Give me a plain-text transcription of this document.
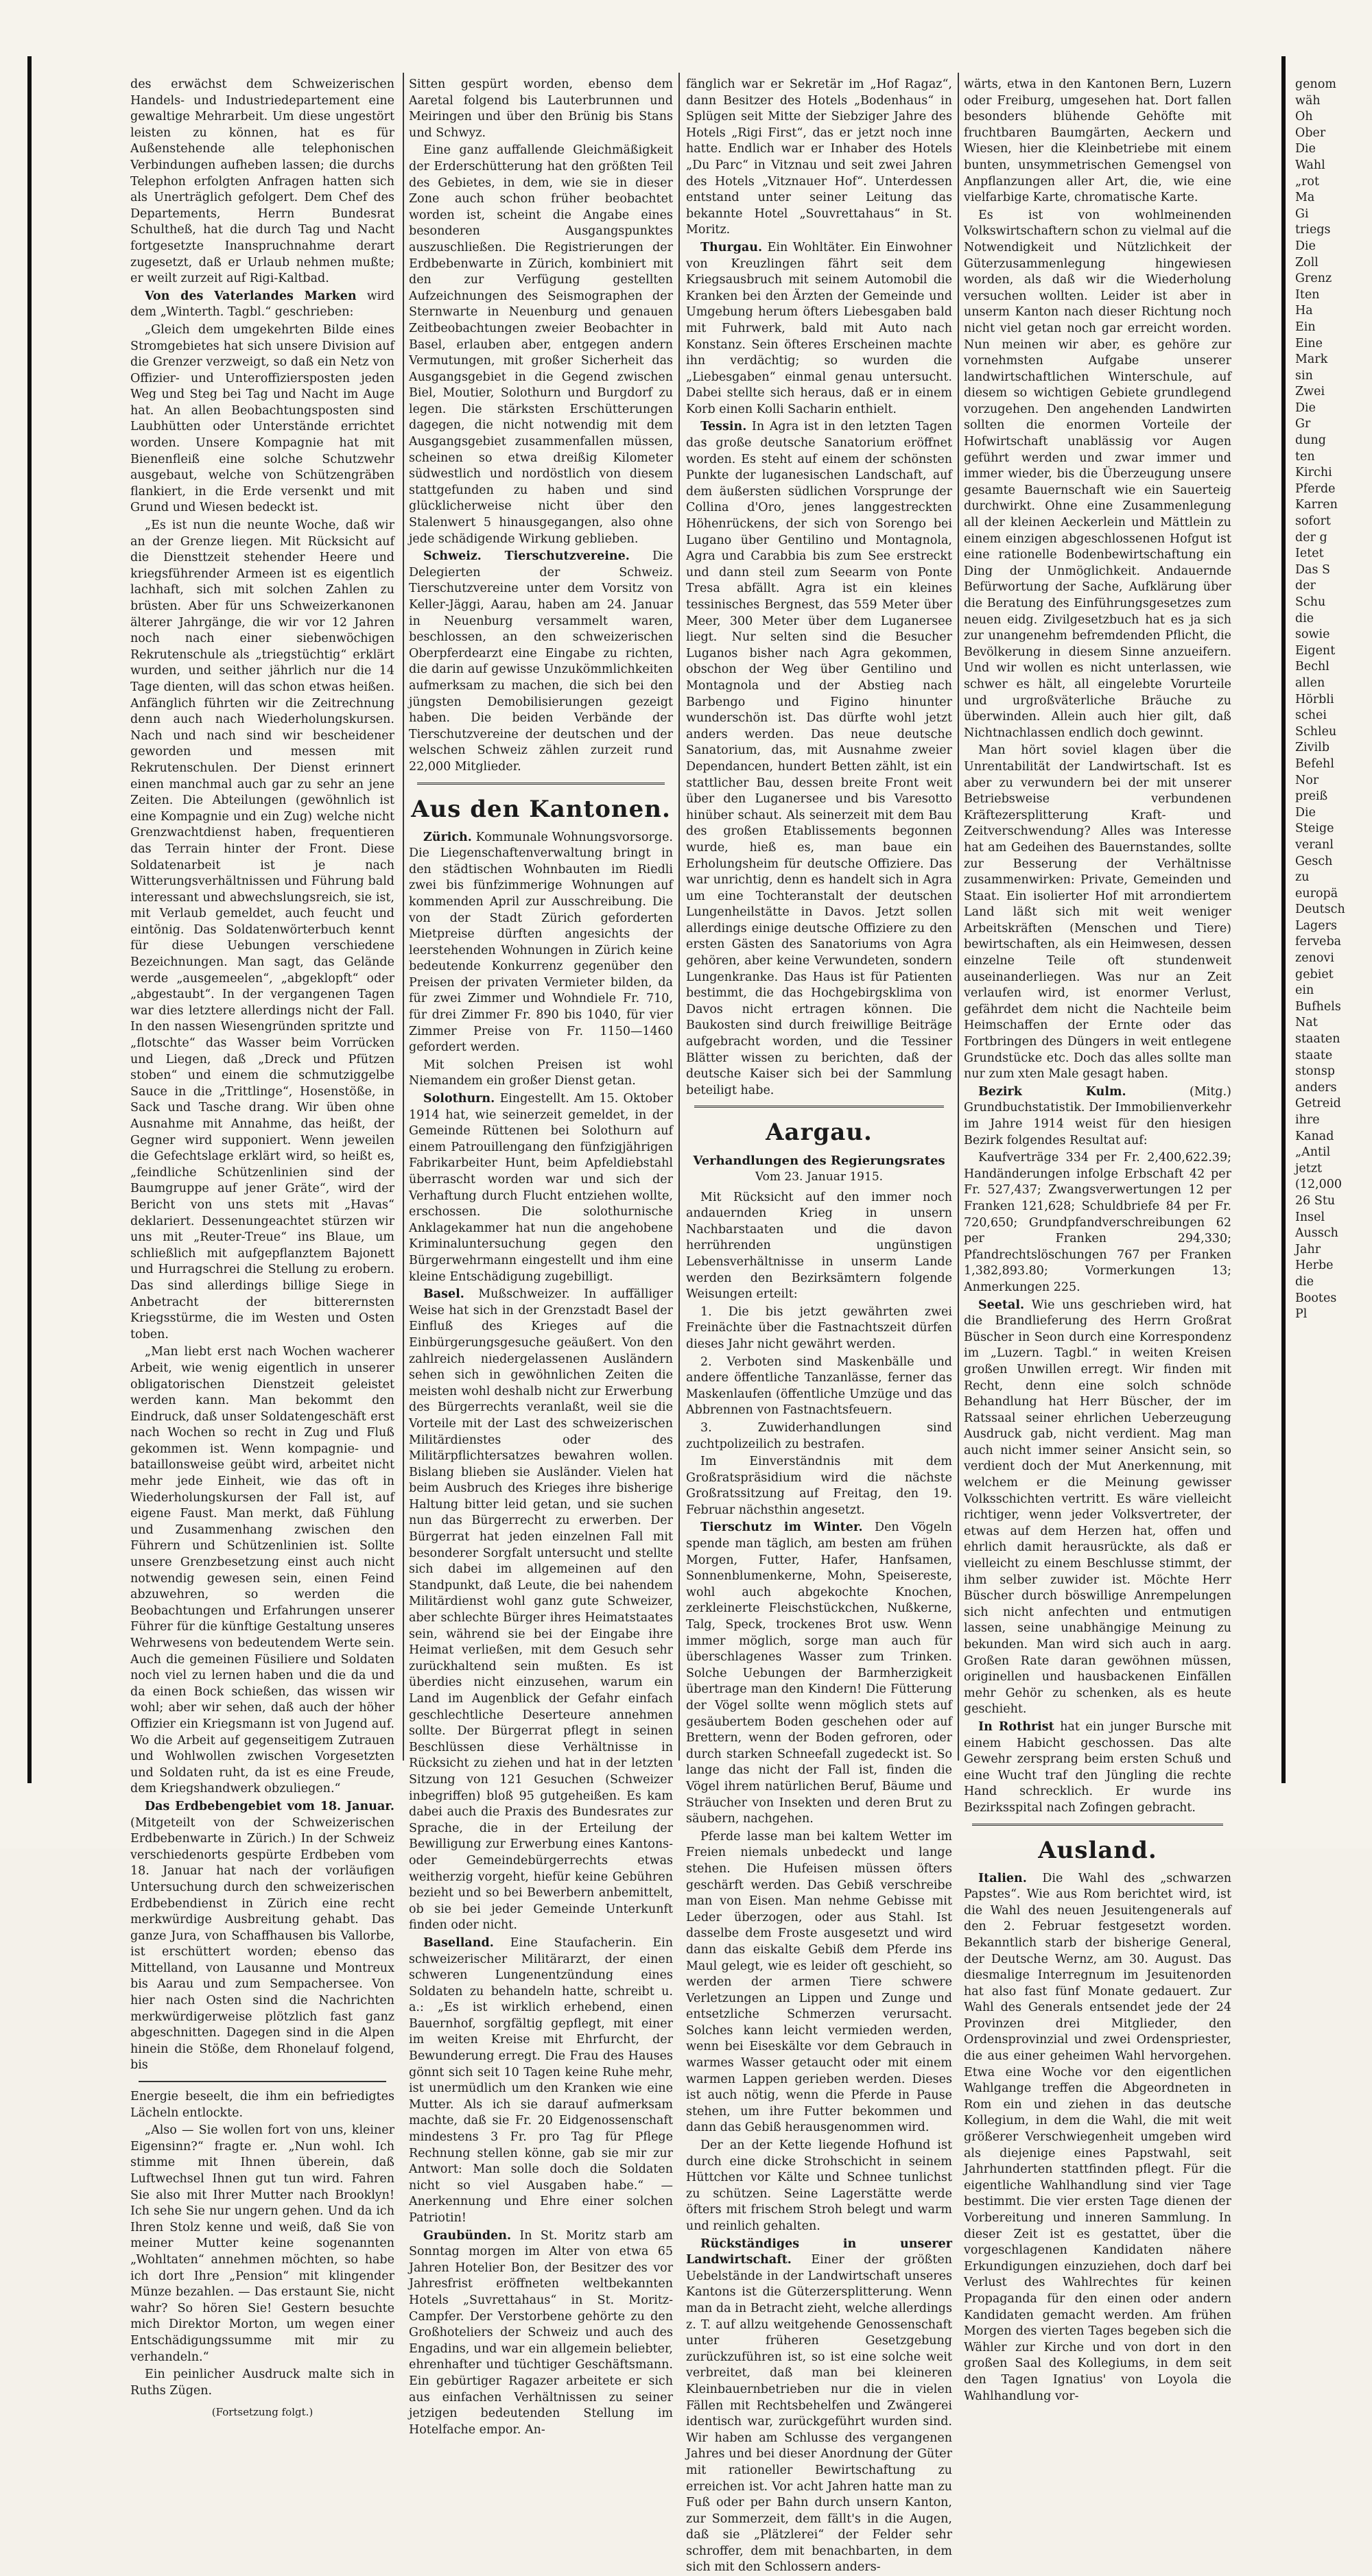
des erwächst dem Schweizerischen Handels- und Industriedepartement eine gewaltige Mehrarbeit. Um diese ungestört leisten zu können, hat es für Außenstehende alle telephonischen Verbindungen aufheben lassen; die durchs Telephon erfolgten Anfragen hatten sich als Unerträglich gefolgert. Dem Chef des Departements, Herrn Bundesrat Schultheß, hat die durch Tag und Nacht fortgesetzte Inanspruchnahme derart zugesetzt, daß er Urlaub nehmen mußte; er weilt zurzeit auf Rigi-Kaltbad.

Von des Vaterlandes Marken wird dem „Winterth. Tagbl.“ geschrieben:

„Gleich dem umgekehrten Bilde eines Stromgebietes hat sich unsere Division auf die Grenzer verzweigt, so daß ein Netz von Offizier- und Unteroffiziersposten jeden Weg und Steg bei Tag und Nacht im Auge hat. An allen Beobachtungsposten sind Laubhütten oder Unterstände errichtet worden. Unsere Kompagnie hat mit Bienenfleiß eine solche Schutzwehr ausgebaut, welche von Schützengräben flankiert, in die Erde versenkt und mit Grund und Wiesen bedeckt ist.

„Es ist nun die neunte Woche, daß wir an der Grenze liegen. Mit Rücksicht auf die Diensttzeit stehender Heere und kriegsführender Armeen ist es eigentlich lachhaft, sich mit solchen Zahlen zu brüsten. Aber für uns Schweizerkanonen älterer Jahrgänge, die wir vor 12 Jahren noch nach einer siebenwöchigen Rekrutenschule als „triegstüchtig“ erklärt wurden, und seither jährlich nur die 14 Tage dienten, will das schon etwas heißen. Anfänglich führten wir die Zeitrechnung denn auch nach Wiederholungskursen. Nach und nach sind wir bescheidener geworden und messen mit Rekrutenschulen. Der Dienst erinnert einen manchmal auch gar zu sehr an jene Zeiten. Die Abteilungen (gewöhnlich ist eine Kompagnie und ein Zug) welche nicht Grenzwachtdienst haben, frequentieren das Terrain hinter der Front. Diese Soldatenarbeit ist je nach Witterungsverhältnissen und Führung bald interessant und abwechslungsreich, sie ist, mit Verlaub gemeldet, auch feucht und eintönig. Das Soldatenwörterbuch kennt für diese Uebungen verschiedene Bezeichnungen. Man sagt, das Gelände werde „ausgemeelen“, „abgeklopft“ oder „abgestaubt“. In der vergangenen Tagen war dies letztere allerdings nicht der Fall. In den nassen Wiesengründen spritzte und „flotschte“ das Wasser beim Vorrücken und Liegen, daß „Dreck und Pfützen stoben“ und einem die schmutziggelbe Sauce in die „Trittlinge“, Hosenstöße, in Sack und Tasche drang. Wir üben ohne Ausnahme mit Annahme, das heißt, der Gegner wird supponiert. Wenn jeweilen die Gefechtslage erklärt wird, so heißt es, „feindliche Schützenlinien sind der Baumgruppe auf jener Gräte“, wird der Bericht von uns stets mit „Havas“ deklariert. Dessenungeachtet stürzen wir uns mit „Reuter-Treue“ ins Blaue, um schließlich mit aufgepflanztem Bajonett und Hurragschrei die Stellung zu erobern. Das sind allerdings billige Siege in Anbetracht der bitterernsten Kriegsstürme, die im Westen und Osten toben.

„Man liebt erst nach Wochen wacherer Arbeit, wie wenig eigentlich in unserer obligatorischen Dienstzeit geleistet werden kann. Man bekommt den Eindruck, daß unser Soldatengeschäft erst nach Wochen so recht in Zug und Fluß gekommen ist. Wenn kompagnie- und bataillonsweise geübt wird, arbeitet nicht mehr jede Einheit, wie das oft in Wiederholungskursen der Fall ist, auf eigene Faust. Man merkt, daß Fühlung und Zusammenhang zwischen den Führern und Schützenlinien ist. Sollte unsere Grenzbesetzung einst auch nicht notwendig gewesen sein, einen Feind abzuwehren, so werden die Beobachtungen und Erfahrungen unserer Führer für die künftige Gestaltung unseres Wehrwesens von bedeutendem Werte sein. Auch die gemeinen Füsiliere und Soldaten noch viel zu lernen haben und die da und da einen Bock schießen, das wissen wir wohl; aber wir sehen, daß auch der höher Offizier ein Kriegsmann ist von Jugend auf. Wo die Arbeit auf gegenseitigem Zutrauen und Wohlwollen zwischen Vorgesetzten und Soldaten ruht, da ist es eine Freude, dem Kriegshandwerk obzuliegen.“

Das Erdbebengebiet vom 18. Januar. (Mitgeteilt von der Schweizerischen Erdbebenwarte in Zürich.) In der Schweiz verschiedenorts gespürte Erdbeben vom 18. Januar hat nach der vorläufigen Untersuchung durch den schweizerischen Erdbebendienst in Zürich eine recht merkwürdige Ausbreitung gehabt. Das ganze Jura, von Schaffhausen bis Vallorbe, ist erschüttert worden; ebenso das Mittelland, von Lausanne und Montreux bis Aarau und zum Sempachersee. Von hier nach Osten sind die Nachrichten merkwürdigerweise plötzlich fast ganz abgeschnitten. Dagegen sind in die Alpen hinein die Stöße, dem Rhonelauf folgend, bis

Energie beseelt, die ihm ein befriedigtes Lächeln entlockte.

„Also — Sie wollen fort von uns, kleiner Eigensinn?“ fragte er. „Nun wohl. Ich stimme mit Ihnen überein, daß Luftwechsel Ihnen gut tun wird. Fahren Sie also mit Ihrer Mutter nach Brooklyn! Ich sehe Sie nur ungern gehen. Und da ich Ihren Stolz kenne und weiß, daß Sie von meiner Mutter keine sogenannten „Wohltaten“ annehmen möchten, so habe ich dort Ihre „Pension“ mit klingender Münze bezahlen. — Das erstaunt Sie, nicht wahr? So hören Sie! Gestern besuchte mich Direktor Morton, um wegen einer Entschädigungssumme mit mir zu verhandeln.“

Ein peinlicher Ausdruck malte sich in Ruths Zügen.

(Fortsetzung folgt.)

Sitten gespürt worden, ebenso dem Aaretal folgend bis Lauterbrunnen und Meiringen und über den Brünig bis Stans und Schwyz.

Eine ganz auffallende Gleichmäßigkeit der Erderschütterung hat den größten Teil des Gebietes, in dem, wie sie in dieser Zone auch schon früher beobachtet worden ist, scheint die Angabe eines besonderen Ausgangspunktes auszuschließen. Die Registrierungen der Erdbebenwarte in Zürich, kombiniert mit den zur Verfügung gestellten Aufzeichnungen des Seismographen der Sternwarte in Neuenburg und genauen Zeitbeobachtungen zweier Beobachter in Basel, erlauben aber, entgegen andern Vermutungen, mit großer Sicherheit das Ausgangsgebiet in die Gegend zwischen Biel, Moutier, Solothurn und Burgdorf zu legen. Die stärksten Erschütterungen dagegen, die nicht notwendig mit dem Ausgangsgebiet zusammenfallen müssen, scheinen so etwa dreißig Kilometer südwestlich und nordöstlich von diesem stattgefunden zu haben und sind glücklicherweise nicht über den Stalenwert 5 hinausgegangen, also ohne jede schädigende Wirkung geblieben.

Schweiz. Tierschutzvereine. Die Delegierten der Schweiz. Tierschutzvereine unter dem Vorsitz von Keller-Jäggi, Aarau, haben am 24. Januar in Neuenburg versammelt waren, beschlossen, an den schweizerischen Oberpferdearzt eine Eingabe zu richten, die darin auf gewisse Unzukömmlichkeiten aufmerksam zu machen, die sich bei den jüngsten Demobilisierungen gezeigt haben. Die beiden Verbände der Tierschutzvereine der deutschen und der welschen Schweiz zählen zurzeit rund 22,000 Mitglieder.

Aus den Kantonen.

Zürich. Kommunale Wohnungsvorsorge. Die Liegenschaftenverwaltung bringt in den städtischen Wohnbauten im Riedli zwei bis fünfzimmerige Wohnungen auf kommenden April zur Ausschreibung. Die von der Stadt Zürich geforderten Mietpreise dürften angesichts der leerstehenden Wohnungen in Zürich keine bedeutende Konkurrenz gegenüber den Preisen der privaten Vermieter bilden, da für zwei Zimmer und Wohndiele Fr. 710, für drei Zimmer Fr. 890 bis 1040, für vier Zimmer Preise von Fr. 1150—1460 gefordert werden.

Mit solchen Preisen ist wohl Niemandem ein großer Dienst getan.

Solothurn. Eingestellt. Am 15. Oktober 1914 hat, wie seinerzeit gemeldet, in der Gemeinde Rüttenen bei Solothurn auf einem Patrouillengang den fünfzigjährigen Fabrikarbeiter Hunt, beim Apfeldiebstahl überrascht worden war und sich der Verhaftung durch Flucht entziehen wollte, erschossen. Die solothurnische Anklagekammer hat nun die angehobene Kriminaluntersuchung gegen den Bürgerwehrmann eingestellt und ihm eine kleine Entschädigung zugebilligt.

Basel. Mußschweizer. In auffälliger Weise hat sich in der Grenzstadt Basel der Einfluß des Krieges auf die Einbürgerungsgesuche geäußert. Von den zahlreich niedergelassenen Ausländern sehen sich in gewöhnlichen Zeiten die meisten wohl deshalb nicht zur Erwerbung des Bürgerrechts veranlaßt, weil sie die Vorteile mit der Last des schweizerischen Militärdienstes oder des Militärpflichtersatzes bewahren wollen. Bislang blieben sie Ausländer. Vielen hat beim Ausbruch des Krieges ihre bisherige Haltung bitter leid getan, und sie suchen nun das Bürgerrecht zu erwerben. Der Bürgerrat hat jeden einzelnen Fall mit besonderer Sorgfalt untersucht und stellte sich dabei im allgemeinen auf den Standpunkt, daß Leute, die bei nahendem Militärdienst wohl ganz gute Schweizer, aber schlechte Bürger ihres Heimatstaates sein, während sie bei der Eingabe ihre Heimat verließen, mit dem Gesuch sehr zurückhaltend sein mußten. Es ist überdies nicht einzusehen, warum ein Land im Augenblick der Gefahr einfach geschlechtliche Deserteure annehmen sollte. Der Bürgerrat pflegt in seinen Beschlüssen diese Verhältnisse in Rücksicht zu ziehen und hat in der letzten Sitzung von 121 Gesuchen (Schweizer inbegriffen) bloß 95 gutgeheißen. Es kam dabei auch die Praxis des Bundesrates zur Sprache, die in der Erteilung der Bewilligung zur Erwerbung eines Kantons- oder Gemeindebürgerrechts etwas weitherzig vorgeht, hiefür keine Gebühren bezieht und so bei Bewerbern anbemittelt, ob sie bei jeder Gemeinde Unterkunft finden oder nicht.

Baselland. Eine Staufacherin. Ein schweizerischer Militärarzt, der einen schweren Lungenentzündung eines Soldaten zu behandeln hatte, schreibt u. a.: „Es ist wirklich erhebend, einen Bauernhof, sorgfältig gepflegt, mit einer im weiten Kreise mit Ehrfurcht, der Bewunderung erregt. Die Frau des Hauses gönnt sich seit 10 Tagen keine Ruhe mehr, ist unermüdlich um den Kranken wie eine Mutter. Als ich sie darauf aufmerksam machte, daß sie Fr. 20 Eidgenossenschaft mindestens 3 Fr. pro Tag für Pflege Rechnung stellen könne, gab sie mir zur Antwort: Man solle doch die Soldaten nicht so viel Ausgaben habe.“ — Anerkennung und Ehre einer solchen Patriotin!

Graubünden. In St. Moritz starb am Sonntag morgen im Alter von etwa 65 Jahren Hotelier Bon, der Besitzer des vor Jahresfrist eröffneten weltbekannten Hotels „Suvrettahaus“ in St. Moritz-Campfer. Der Verstorbene gehörte zu den Großhoteliers der Schweiz und auch des Engadins, und war ein allgemein beliebter, ehrenhafter und tüchtiger Geschäftsmann. Ein gebürtiger Ragazer arbeitete er sich aus einfachen Verhältnissen zu seiner jetzigen bedeutenden Stellung im Hotelfache empor. An-

fänglich war er Sekretär im „Hof Ragaz“, dann Besitzer des Hotels „Bodenhaus“ in Splügen seit Mitte der Siebziger Jahre des Hotels „Rigi First“, das er jetzt noch inne hatte. Endlich war er Inhaber des Hotels „Du Parc“ in Vitznau und seit zwei Jahren des Hotels „Vitznauer Hof“. Unterdessen entstand unter seiner Leitung das bekannte Hotel „Souvrettahaus“ in St. Moritz.

Thurgau. Ein Wohltäter. Ein Einwohner von Kreuzlingen fährt seit dem Kriegsausbruch mit seinem Automobil die Kranken bei den Ärzten der Gemeinde und Umgebung herum öfters Liebesgaben bald mit Fuhrwerk, bald mit Auto nach Konstanz. Sein öfteres Erscheinen machte ihn verdächtig; so wurden die „Liebesgaben“ einmal genau untersucht. Dabei stellte sich heraus, daß er in einem Korb einen Kolli Sacharin enthielt.

Tessin. In Agra ist in den letzten Tagen das große deutsche Sanatorium eröffnet worden. Es steht auf einem der schönsten Punkte der luganesischen Landschaft, auf dem äußersten südlichen Vorsprunge der Collina d'Oro, jenes langgestreckten Höhenrückens, der sich von Sorengo bei Lugano über Gentilino und Montagnola, Agra und Carabbia bis zum See erstreckt und dann steil zum Seearm von Ponte Tresa abfällt. Agra ist ein kleines tessinisches Bergnest, das 559 Meter über Meer, 300 Meter über dem Luganersee liegt. Nur selten sind die Besucher Luganos bisher nach Agra gekommen, obschon der Weg über Gentilino und Montagnola und der Abstieg nach Barbengo und Figino hinunter wunderschön ist. Das dürfte wohl jetzt anders werden. Das neue deutsche Sanatorium, das, mit Ausnahme zweier Dependancen, hundert Betten zählt, ist ein stattlicher Bau, dessen breite Front weit über den Luganersee und bis Varesotto hinüber schaut. Als seinerzeit mit dem Bau des großen Etablissements begonnen wurde, hieß es, man baue ein Erholungsheim für deutsche Offiziere. Das war unrichtig, denn es handelt sich in Agra um eine Tochteranstalt der deutschen Lungenheilstätte in Davos. Jetzt sollen allerdings einige deutsche Offiziere zu den ersten Gästen des Sanatoriums von Agra gehören, aber keine Verwundeten, sondern Lungenkranke. Das Haus ist für Patienten bestimmt, die das Hochgebirgsklima von Davos nicht ertragen können. Die Baukosten sind durch freiwillige Beiträge aufgebracht worden, und die Tessiner Blätter wissen zu berichten, daß der deutsche Kaiser sich bei der Sammlung beteiligt habe.

Aargau.
Verhandlungen des Regierungsrates
Vom 23. Januar 1915.

Mit Rücksicht auf den immer noch andauernden Krieg in unsern Nachbarstaaten und die davon herrührenden ungünstigen Lebensverhältnisse in unserm Lande werden den Bezirksämtern folgende Weisungen erteilt:

1. Die bis jetzt gewährten zwei Freinächte über die Fastnachtszeit dürfen dieses Jahr nicht gewährt werden.

2. Verboten sind Maskenbälle und andere öffentliche Tanzanlässe, ferner das Maskenlaufen (öffentliche Umzüge und das Abbrennen von Fastnachtsfeuern.

3. Zuwiderhandlungen sind zuchtpolizeilich zu bestrafen.

Im Einverständnis mit dem Großratspräsidium wird die nächste Großratssitzung auf Freitag, den 19. Februar nächsthin angesetzt.

Tierschutz im Winter. Den Vögeln spende man täglich, am besten am frühen Morgen, Futter, Hafer, Hanfsamen, Sonnenblumenkerne, Mohn, Speisereste, wohl auch abgekochte Knochen, zerkleinerte Fleischstückchen, Nußkerne, Talg, Speck, trockenes Brot usw. Wenn immer möglich, sorge man auch für überschlagenes Wasser zum Trinken. Solche Uebungen der Barmherzigkeit übertrage man den Kindern! Die Fütterung der Vögel sollte wenn möglich stets auf gesäubertem Boden geschehen oder auf Brettern, wenn der Boden gefroren, oder durch starken Schneefall zugedeckt ist. So lange das nicht der Fall ist, finden die Vögel ihrem natürlichen Beruf, Bäume und Sträucher von Insekten und deren Brut zu säubern, nachgehen.

Pferde lasse man bei kaltem Wetter im Freien niemals unbedeckt und lange stehen. Die Hufeisen müssen öfters geschärft werden. Das Gebiß verschreibe man von Eisen. Man nehme Gebisse mit Leder überzogen, oder aus Stahl. Ist dasselbe dem Froste ausgesetzt und wird dann das eiskalte Gebiß dem Pferde ins Maul gelegt, wie es leider oft geschieht, so werden der armen Tiere schwere Verletzungen an Lippen und Zunge und entsetzliche Schmerzen verursacht. Solches kann leicht vermieden werden, wenn bei Eiseskälte vor dem Gebrauch in warmes Wasser getaucht oder mit einem warmen Lappen gerieben werden. Dieses ist auch nötig, wenn die Pferde in Pause stehen, um ihre Futter bekommen und dann das Gebiß herausgenommen wird.

Der an der Kette liegende Hofhund ist durch eine dicke Strohschicht in seinem Hüttchen vor Kälte und Schnee tunlichst zu schützen. Seine Lagerstätte werde öfters mit frischem Stroh belegt und warm und reinlich gehalten.

Rückständiges in unserer Landwirtschaft. Einer der größten Uebelstände in der Landwirtschaft unseres Kantons ist die Güterzersplitterung. Wenn man da in Betracht zieht, welche allerdings z. T. auf allzu weitgehende Genossenschaft unter früheren Gesetzgebung zurückzuführen ist, so ist eine solche weit verbreitet, daß man bei kleineren Kleinbauernbetrieben nur die in vielen Fällen mit Rechtsbehelfen und Zwängerei identisch war, zurückgeführt wurden sind. Wir haben am Schlusse des vergangenen Jahres und bei dieser Anordnung der Güter mit rationeller Bewirtschaftung zu erreichen ist. Vor acht Jahren hatte man zu Fuß oder per Bahn durch unsern Kanton, zur Sommerzeit, dem fällt's in die Augen, daß sie „Plätzlerei“ der Felder sehr schroffer, dem mit benachbarten, in dem sich mit den Schlossern anders-

wärts, etwa in den Kantonen Bern, Luzern oder Freiburg, umgesehen hat. Dort fallen besonders blühende Gehöfte mit fruchtbaren Baumgärten, Aeckern und Wiesen, hier die Kleinbetriebe mit einem bunten, unsymmetrischen Gemengsel von Anpflanzungen aller Art, die, wie eine vielfarbige Karte, chromatische Karte.

Es ist von wohlmeinenden Volkswirtschaftern schon zu vielmal auf die Notwendigkeit und Nützlichkeit der Güterzusammenlegung hingewiesen worden, als daß wir die Wiederholung versuchen wollten. Leider ist aber in unserm Kanton nach dieser Richtung noch nicht viel getan noch gar erreicht worden. Nun meinen wir aber, es gehöre zur vornehmsten Aufgabe unserer landwirtschaftlichen Winterschule, auf diesem so wichtigen Gebiete grundlegend vorzugehen. Den angehenden Landwirten sollten die enormen Vorteile der Hofwirtschaft unablässig vor Augen geführt werden und zwar immer und immer wieder, bis die Überzeugung unsere gesamte Bauernschaft wie ein Sauerteig durchwirkt. Ohne eine Zusammenlegung all der kleinen Aeckerlein und Mättlein zu einem einzigen abgeschlossenen Hofgut ist eine rationelle Bodenbewirtschaftung ein Ding der Unmöglichkeit. Andauernde Befürwortung der Sache, Aufklärung über die Beratung des Einführungsgesetzes zum neuen eidg. Zivilgesetzbuch hat es ja sich zur unangenehm befremdenden Pflicht, die Bevölkerung in diesem Sinne anzueifern. Und wir wollen es nicht unterlassen, wie schwer es hält, all eingelebte Vorurteile und urgroßväterliche Bräuche zu überwinden. Allein auch hier gilt, daß Nichtnachlassen endlich doch gewinnt.

Man hört soviel klagen über die Unrentabilität der Landwirtschaft. Ist es aber zu verwundern bei der mit unserer Betriebsweise verbundenen Kräftezersplitterung Kraft- und Zeitverschwendung? Alles was Interesse hat am Gedeihen des Bauernstandes, sollte zur Besserung der Verhältnisse zusammenwirken: Private, Gemeinden und Staat. Ein isolierter Hof mit arrondiertem Land läßt sich mit weit weniger Arbeitskräften (Menschen und Tiere) bewirtschaften, als ein Heimwesen, dessen einzelne Teile oft stundenweit auseinanderliegen. Was nur an Zeit verlaufen wird, ist enormer Verlust, gefährdet dem nicht die Nachteile beim Heimschaffen der Ernte oder das Fortbringen des Düngers in weit entlegene Grundstücke etc. Doch das alles sollte man nur zum xten Male gesagt haben.

Bezirk Kulm.	(Mitg.) Grundbuchstatistik. Der Immobilienverkehr im Jahre 1914 weist für den hiesigen Bezirk folgendes Resultat auf:

Kaufverträge 334 per Fr. 2,400,622.39; Handänderungen infolge Erbschaft 42 per Fr. 527,437; Zwangsverwertungen 12 per Franken 121,628; Schuldbriefe 84 per Fr. 720,650; Grundpfandverschreibungen 62 per Franken 294,330; Pfandrechtslöschungen 767 per Franken 1,382,893.80; Vormerkungen 13; Anmerkungen 225.

Seetal. Wie uns geschrieben wird, hat die Brandlieferung des Herrn Großrat Büscher in Seon durch eine Korrespondenz im „Luzern. Tagbl.“ in weiten Kreisen großen Unwillen erregt. Wir finden mit Recht, denn eine solch schnöde Behandlung hat Herr Büscher, der im Ratssaal seiner ehrlichen Ueberzeugung Ausdruck gab, nicht verdient. Mag man auch nicht immer seiner Ansicht sein, so verdient doch der Mut Anerkennung, mit welchem er die Meinung gewisser Volksschichten vertritt. Es wäre vielleicht richtiger, wenn jeder Volksvertreter, der etwas auf dem Herzen hat, offen und ehrlich damit herausrückte, als daß er vielleicht zu einem Beschlusse stimmt, der ihm selber zuwider ist. Möchte Herr Büscher durch böswillige Anrempelungen sich nicht anfechten und entmutigen lassen, seine unabhängige Meinung zu bekunden. Man wird sich auch in aarg. Großen Rate daran gewöhnen müssen, originellen und hausbackenen Einfällen mehr Gehör zu schenken, als es heute geschieht.

In Rothrist hat ein junger Bursche mit einem Habicht geschossen. Das alte Gewehr zersprang beim ersten Schuß und eine Wucht traf den Jüngling die rechte Hand schrecklich. Er wurde ins Bezirksspital nach Zofingen gebracht.

Ausland.

Italien. Die Wahl des „schwarzen Papstes“. Wie aus Rom berichtet wird, ist die Wahl des neuen Jesuitengenerals auf den 2. Februar festgesetzt worden. Bekanntlich starb der bisherige General, der Deutsche Wernz, am 30. August. Das diesmalige Interregnum im Jesuitenorden hat also fast fünf Monate gedauert. Zur Wahl des Generals entsendet jede der 24 Provinzen drei Mitglieder, den Ordensprovinzial und zwei Ordenspriester, die aus einer geheimen Wahl hervorgehen. Etwa eine Woche vor den eigentlichen Wahlgange treffen die Abgeordneten in Rom ein und ziehen in das deutsche Kollegium, in dem die Wahl, die mit weit größerer Verschwiegenheit umgeben wird als diejenige eines Papstwahl, seit Jahrhunderten stattfinden pflegt. Für die eigentliche Wahlhandlung sind vier Tage bestimmt. Die vier ersten Tage dienen der Vorbereitung und inneren Sammlung. In dieser Zeit ist es gestattet, über die vorgeschlagenen Kandidaten nähere Erkundigungen einzuziehen, doch darf bei Verlust des Wahlrechtes für keinen Propaganda für den einen oder andern Kandidaten gemacht werden. Am frühen Morgen des vierten Tages begeben sich die Wähler zur Kirche und von dort in den großen Saal des Kollegiums, in dem seit den Tagen Ignatius' von Loyola die Wahlhandlung vor-

genom
wäh
Oh
Ober
Die
Wahl
„rot
Ma
Gi
triegs
Die
Zoll
Grenz
Iten
Ha
Ein
Eine
Mark
sin
Zwei
Die
Gr
dung
ten
Kirchi
Pferde
Karren
sofort
der g
Ietet
Das S
der
Schu
die
sowie
Eigent
Bechl
allen
Hörbli
schei
Schleu
Zivilb
Befehl
Nor
preiß
Die
Steige
veranl
Gesch
zu
europä
Deutsch
Lagers
ferveba
zenovi
gebiet
ein
Bufhels
Nat
staaten
staate
stonsp
anders
Getreid
ihre
Kanad
„Antil
jetzt
(12,000
26 Stu
Insel
Aussch
Jahr
Herbe
die
Bootes
Pl
